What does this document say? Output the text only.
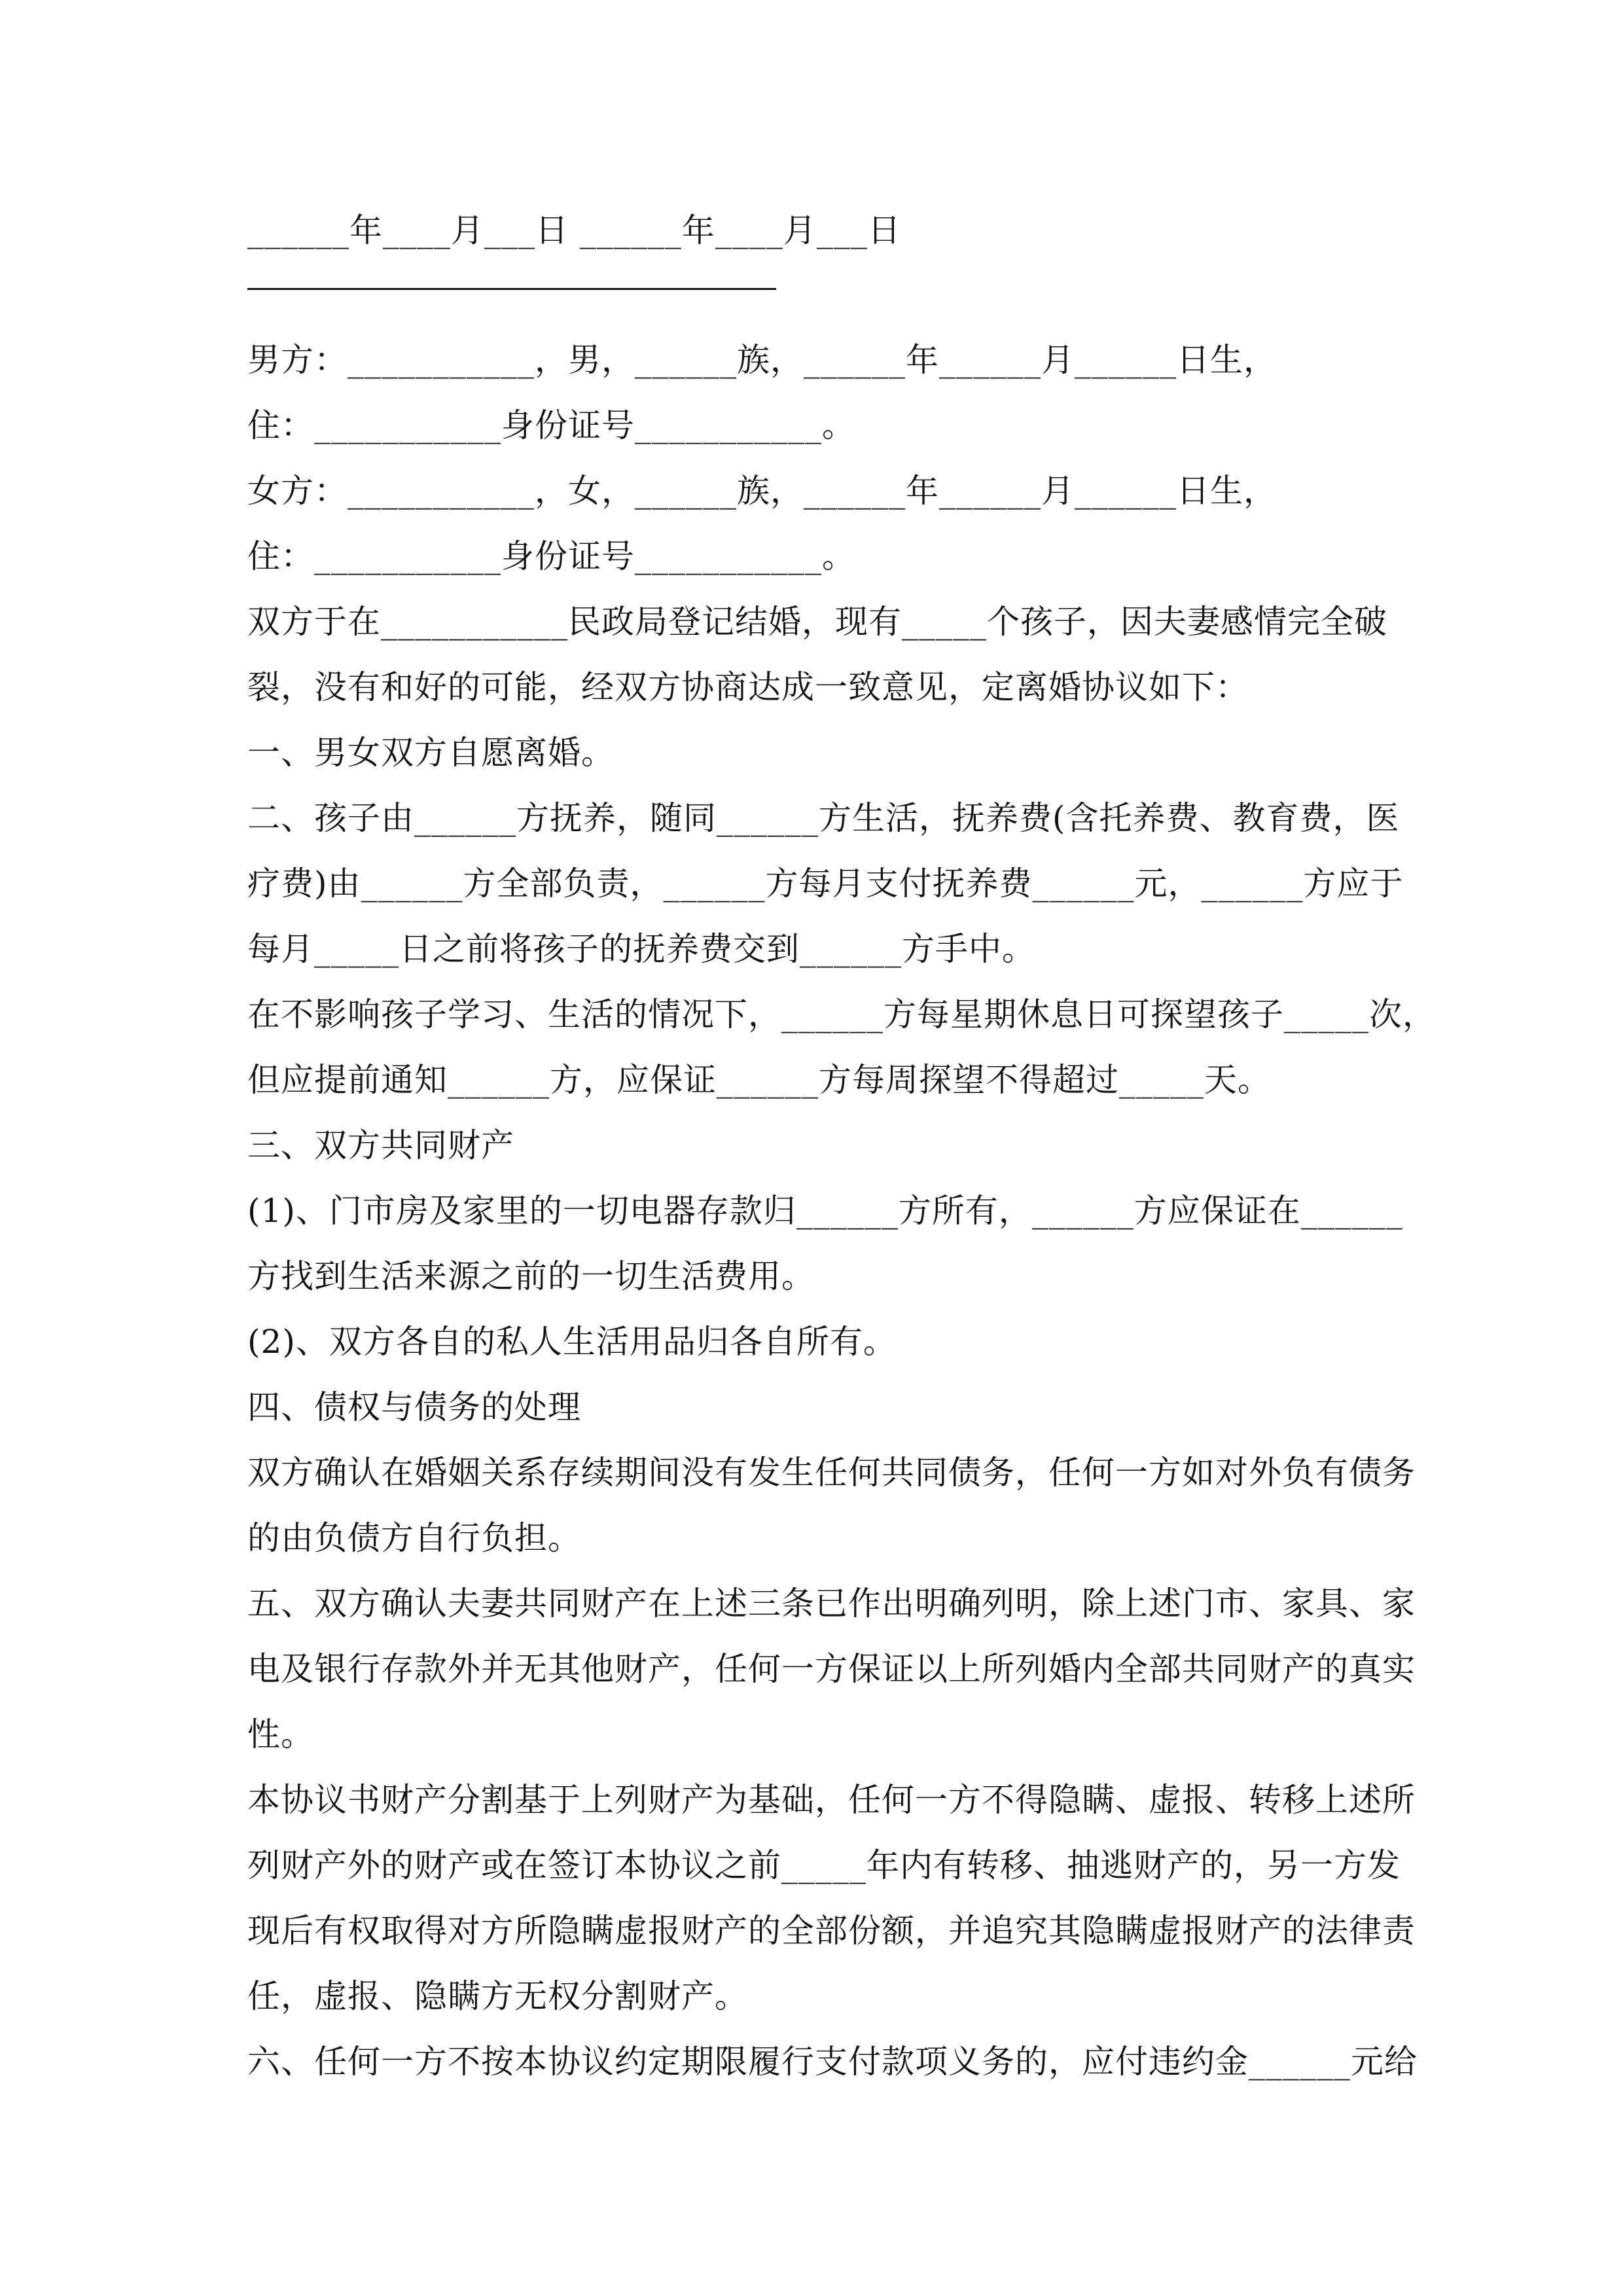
______年____月___日 ______年____月___日
男方：___________，男，______族，______年______月______日生，
住：___________身份证号___________。
女方：___________，女，______族，______年______月______日生，
住：___________身份证号___________。
双方于在___________民政局登记结婚，现有_____个孩子，因夫妻感情完全破
裂，没有和好的可能，经双方协商达成一致意见，定离婚协议如下：
一、男女双方自愿离婚。
二、孩子由______方抚养，随同______方生活，抚养费(含托养费、教育费，医
疗费)由______方全部负责，______方每月支付抚养费______元，______方应于
每月_____日之前将孩子的抚养费交到______方手中。
在不影响孩子学习、生活的情况下，______方每星期休息日可探望孩子_____次，
但应提前通知______方，应保证______方每周探望不得超过_____天。
三、双方共同财产
(1)、门市房及家里的一切电器存款归______方所有，______方应保证在______
方找到生活来源之前的一切生活费用。
(2)、双方各自的私人生活用品归各自所有。
四、债权与债务的处理
双方确认在婚姻关系存续期间没有发生任何共同债务，任何一方如对外负有债务
的由负债方自行负担。
五、双方确认夫妻共同财产在上述三条已作出明确列明，除上述门市、家具、家
电及银行存款外并无其他财产，任何一方保证以上所列婚内全部共同财产的真实
性。
本协议书财产分割基于上列财产为基础，任何一方不得隐瞒、虚报、转移上述所
列财产外的财产或在签订本协议之前_____年内有转移、抽逃财产的，另一方发
现后有权取得对方所隐瞒虚报财产的全部份额，并追究其隐瞒虚报财产的法律责
任，虚报、隐瞒方无权分割财产。
六、任何一方不按本协议约定期限履行支付款项义务的，应付违约金______元给
